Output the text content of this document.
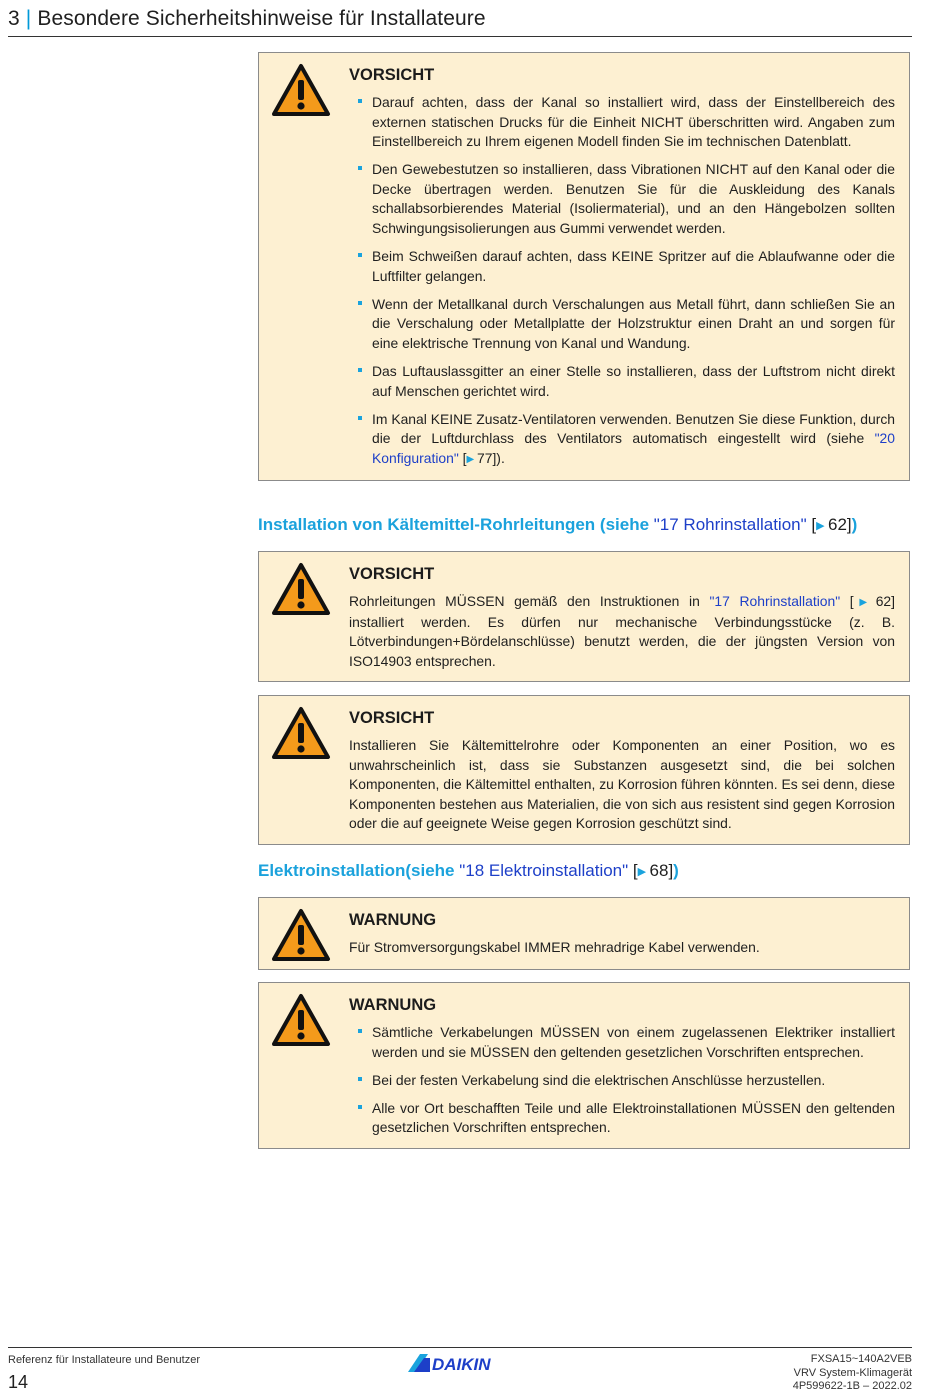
3 | Besondere Sicherheitshinweise für Installateure
VORSICHT
Darauf achten, dass der Kanal so installiert wird, dass der Einstellbereich des externen statischen Drucks für die Einheit NICHT überschritten wird. Angaben zum Einstellbereich zu Ihrem eigenen Modell finden Sie im technischen Datenblatt.
Den Gewebestutzen so installieren, dass Vibrationen NICHT auf den Kanal oder die Decke übertragen werden. Benutzen Sie für die Auskleidung des Kanals schallabsorbierendes Material (Isoliermaterial), und an den Hängebolzen sollten Schwingungsisolierungen aus Gummi verwendet werden.
Beim Schweißen darauf achten, dass KEINE Spritzer auf die Ablaufwanne oder die Luftfilter gelangen.
Wenn der Metallkanal durch Verschalungen aus Metall führt, dann schließen Sie an die Verschalung oder Metallplatte der Holzstruktur einen Draht an und sorgen für eine elektrische Trennung von Kanal und Wandung.
Das Luftauslassgitter an einer Stelle so installieren, dass der Luftstrom nicht direkt auf Menschen gerichtet wird.
Im Kanal KEINE Zusatz-Ventilatoren verwenden. Benutzen Sie diese Funktion, durch die der Luftdurchlass des Ventilators automatisch eingestellt wird (siehe "20 Konfiguration" [▶  77]).
Installation von Kältemittel-Rohrleitungen (siehe "17 Rohrinstallation" [▶  62])
VORSICHT

Rohrleitungen MÜSSEN gemäß den Instruktionen in "17 Rohrinstallation" [▶  62] installiert werden. Es dürfen nur mechanische Verbindungsstücke (z. B. Lötverbindungen+Bördelanschlüsse) benutzt werden, die der jüngsten Version von ISO14903 entsprechen.

VORSICHT

Installieren Sie Kältemittelrohre oder Komponenten an einer Position, wo es unwahrscheinlich ist, dass sie Substanzen ausgesetzt sind, die bei solchen Komponenten, die Kältemittel enthalten, zu Korrosion führen könnten. Es sei denn, diese Komponenten bestehen aus Materialien, die von sich aus resistent sind gegen Korrosion oder die auf geeignete Weise gegen Korrosion geschützt sind.

Elektroinstallation(siehe "18 Elektroinstallation" [▶  68])
WARNUNG

Für Stromversorgungskabel IMMER mehradrige Kabel verwenden.

WARNUNG
Sämtliche Verkabelungen MÜSSEN von einem zugelassenen Elektriker installiert werden und sie MÜSSEN den geltenden gesetzlichen Vorschriften entsprechen.
Bei der festen Verkabelung sind die elektrischen Anschlüsse herzustellen.
Alle vor Ort beschafften Teile und alle Elektroinstallationen MÜSSEN den geltenden gesetzlichen Vorschriften entsprechen.
Referenz für Installateure und Benutzer
14
DAIKIN	FXSA15~140A2VEB
VRV System-Klimagerät
4P599622-1B – 2022.02
